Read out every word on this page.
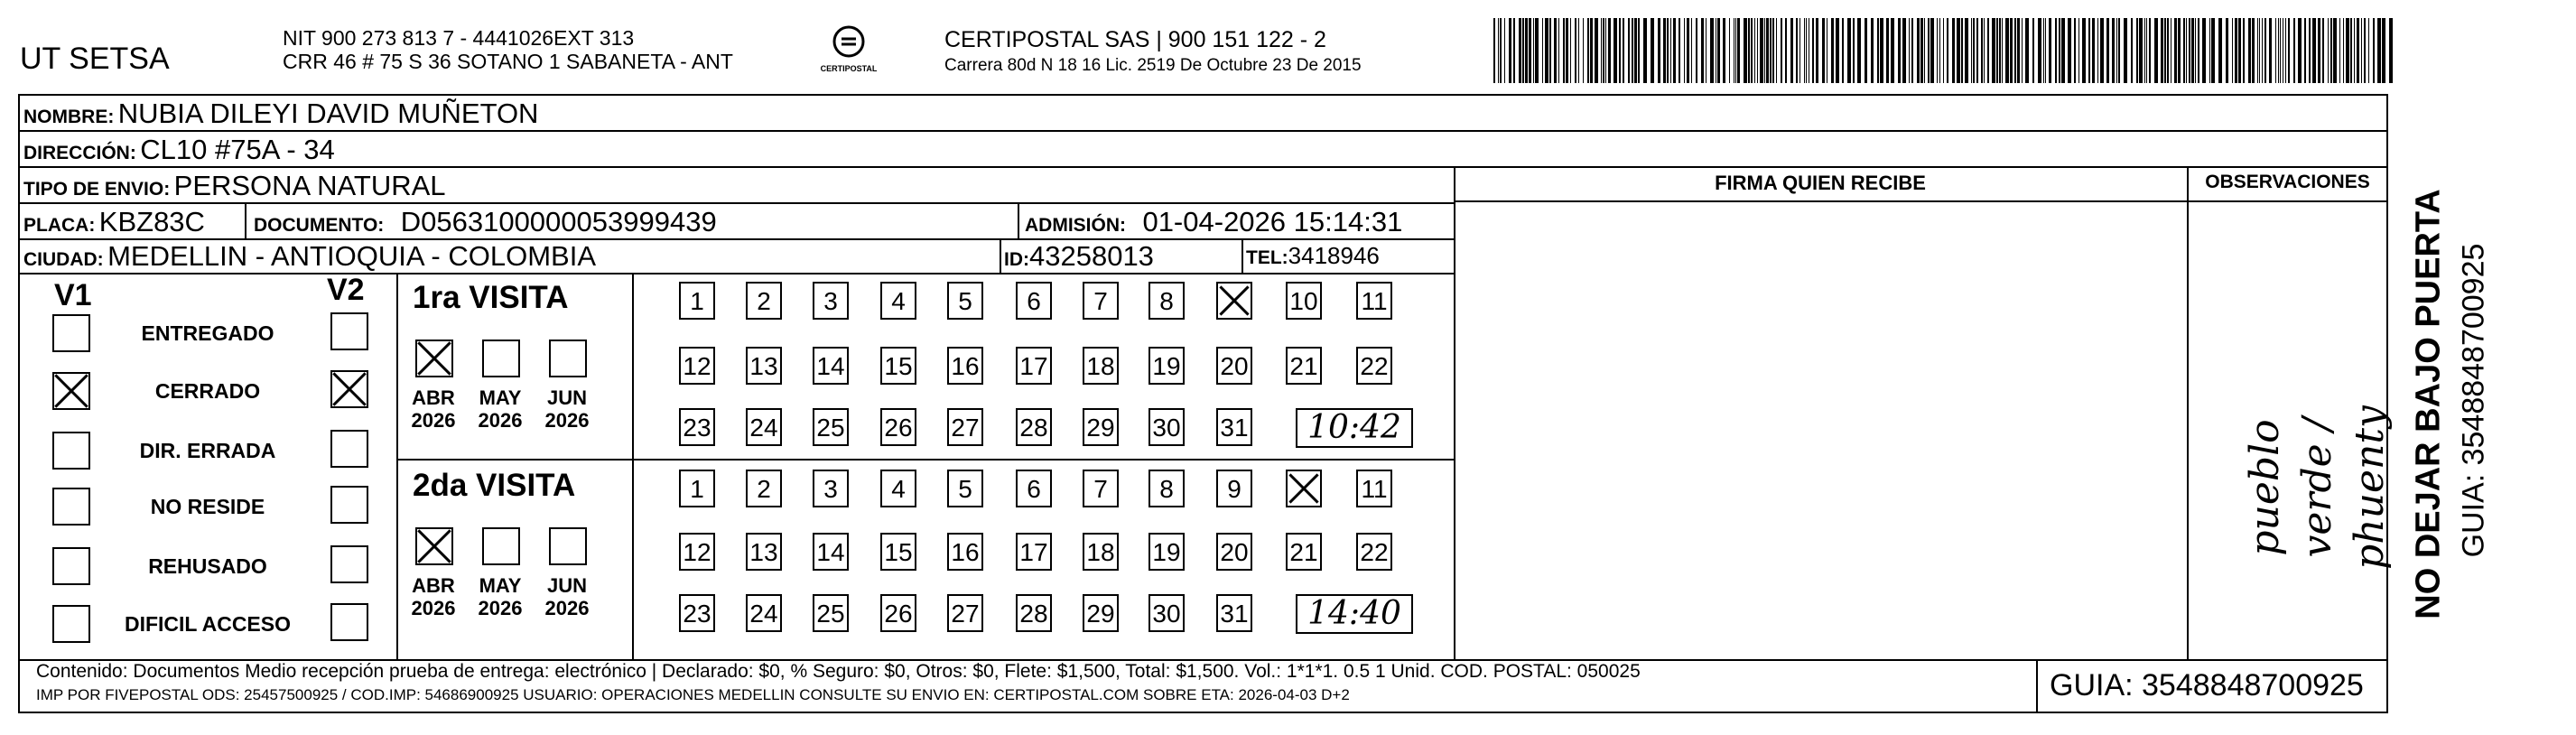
UT SETSA
NIT 900 273 813 7 - 4441026EXT 313
CRR 46 # 75 S 36 SOTANO 1 SABANETA - ANT	CERTIPOSTAL
CERTIPOSTAL SAS | 900 151 122 - 2
Carrera 80d N 18 16 Lic. 2519 De Octubre 23 De 2015
NOMBRE: NUBIA DILEYI DAVID MUÑETON
DIRECCIÓN: CL10 #75A - 34
TIPO DE ENVIO: PERSONA NATURAL
PLACA: KBZ83C	DOCUMENTO: D0563100000053999439	ADMISIÓN: 01-04-2026 15:14:31
CIUDAD: MEDELLIN - ANTIOQUIA - COLOMBIA	ID:43258013	TEL:3418946
FIRMA QUIEN RECIBE	OBSERVACIONES
pueblo verde / phuenty
V1	V2
ENTREGADO
CERRADO
DIR. ERRADA
NO RESIDE
REHUSADO
DIFICIL ACCESO
1ra VISITA
2da VISITA
ABR
2026
MAY
2026
JUN
2026
ABR
2026
MAY
2026
JUN
2026
1	2	3	4	5	6	7	8	10 11
12 13 14 15 16 17 18 19 20 21 22
23 24 25 26 27 28 29 30 31
1	2	3	4	5	6	7	8	9	11
12 13 14 15 16 17 18 19 20 21 22
23 24 25 26 27 28 29 30 31
10:42
14:40
Contenido: Documentos Medio recepción prueba de entrega: electrónico | Declarado: $0, % Seguro: $0, Otros: $0, Flete: $1,500, Total: $1,500. Vol.: 1*1*1. 0.5 1 Unid. COD. POSTAL: 050025
IMP POR FIVEPOSTAL ODS: 25457500925 / COD.IMP: 54686900925 USUARIO: OPERACIONES MEDELLIN CONSULTE SU ENVIO EN: CERTIPOSTAL.COM SOBRE ETA: 2026-04-03 D+2	GUIA: 3548848700925
NO DEJAR BAJO PUERTA GUIA: 3548848700925
